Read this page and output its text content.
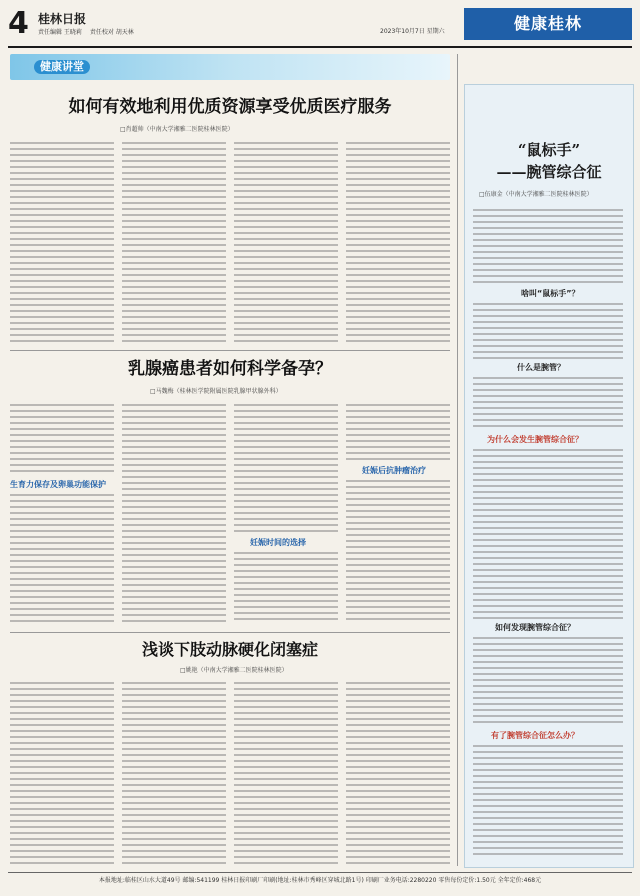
4 桂林日报
责任编辑 王晓莉 责任校对 胡天林	2023年10月7日 星期六	健康桂林
健康讲堂
如何有效地利用优质资源享受优质医疗服务
□肖超帅（中南大学湘雅二医院桂林医院）
乳腺癌患者如何科学备孕？
□马魏梅（桂林医学院附属医院乳腺甲状腺外科）
生育力保存及卵巢功能保护
妊娠时间的选择
妊娠后抗肿瘤治疗
浅谈下肢动脉硬化闭塞症
□姚艳（中南大学湘雅二医院桂林医院）
“鼠标手”
——腕管综合征
□伍康金（中南大学湘雅二医院桂林医院）
啥叫“鼠标手”？
什么是腕管？
为什么会发生腕管综合征？
如何发现腕管综合征？
有了腕管综合征怎么办？
本报地址:临桂区山水大道49号 邮编:541199 桂林日报印刷厂印刷(地址:桂林市秀峰区穿城北路1号) 印刷厂业务电话:2280220 零售每份定价:1.50元 全年定价:468元
